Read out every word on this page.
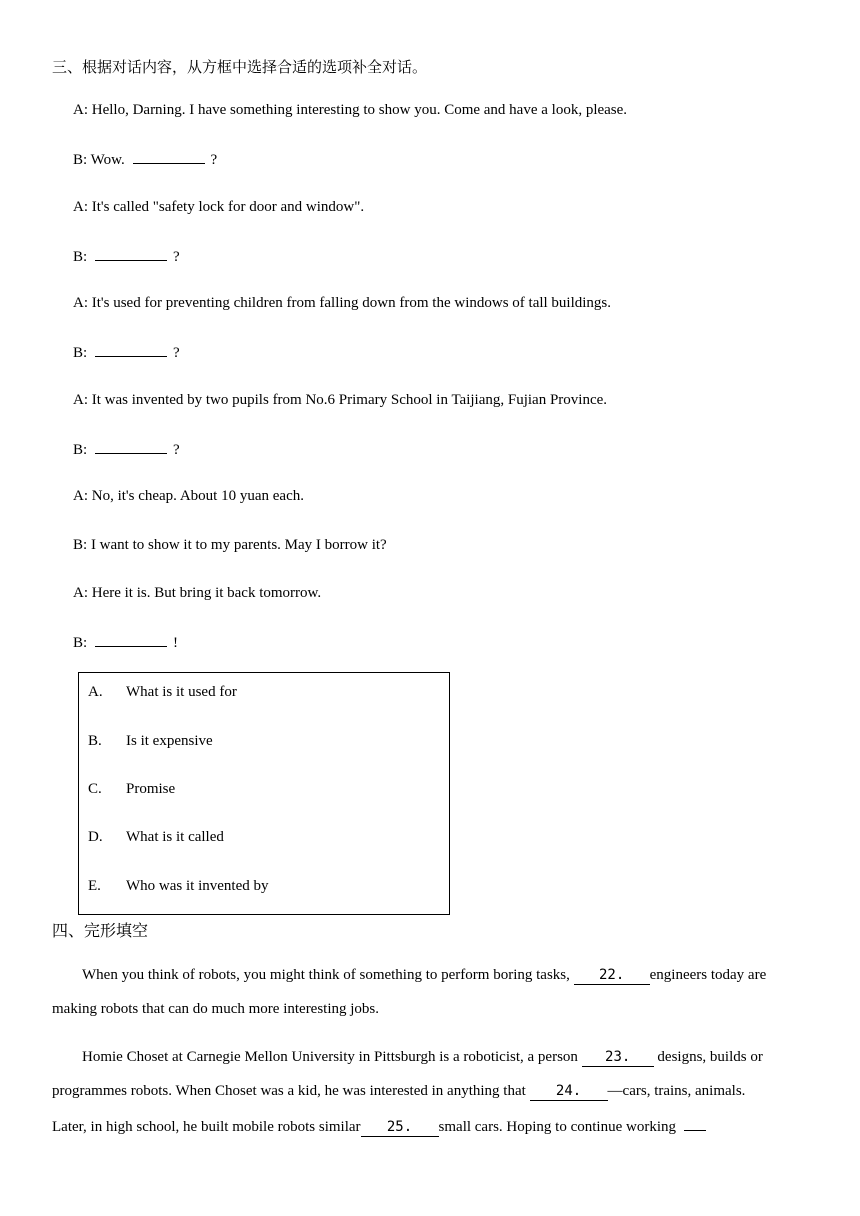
三、根据对话内容，从方框中选择合适的选项补全对话。
A: Hello, Darning. I have something interesting to show you. Come and have a look, please.
B: Wow.	?
A: It's called "safety lock for door and window".
B:	?
A: It's used for preventing children from falling down from the windows of tall buildings.
B:	?
A: It was invented by two pupils from No.6 Primary School in Taijiang, Fujian Province.
B:	?
A: No, it's cheap. About 10 yuan each.
B: I want to show it to my parents. May I borrow it?
A: Here it is. But bring it back tomorrow.
B:	!
A. What is it used for
B. Is it expensive
C. Promise
D. What is it called
E. Who was it invented by
四、完形填空
When you think of robots, you might think of something to perform boring tasks, 22. engineers today are
making robots that can do much more interesting jobs.
Homie Choset at Carnegie Mellon University in Pittsburgh is a roboticist, a person 23. designs, builds or
programmes robots. When Choset was a kid, he was interested in anything that 24. —cars, trains, animals.
Later, in high school, he built mobile robots similar 25. small cars. Hoping to continue working
